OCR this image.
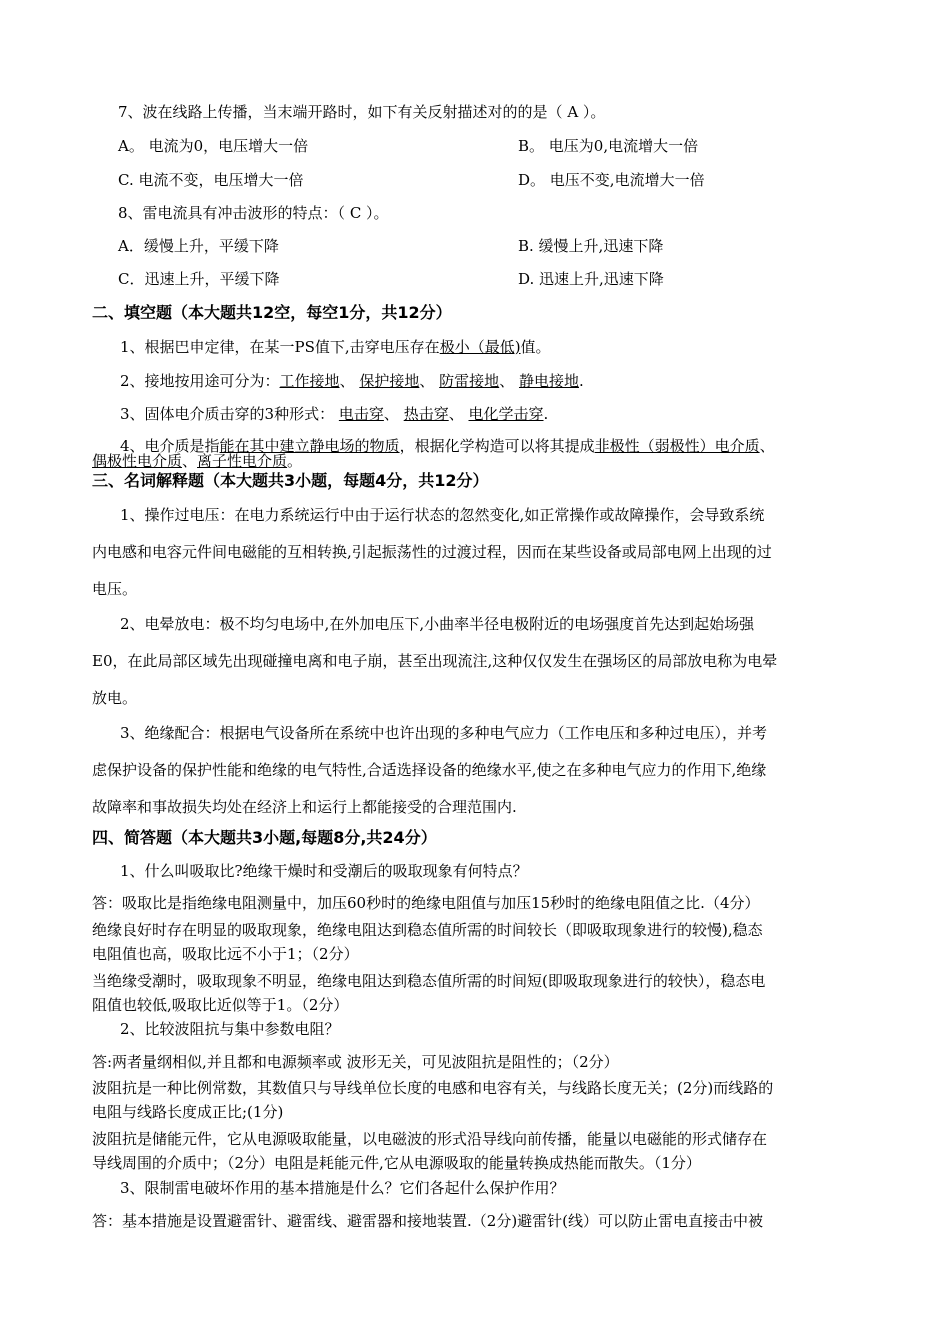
7、波在线路上传播，当末端开路时，如下有关反射描述对的的是（ A ）。
A。 电流为0，电压增大一倍	B。 电压为0,电流增大一倍
C. 电流不变，电压增大一倍	D。 电压不变,电流增大一倍
8、雷电流具有冲击波形的特点：（ C ）。
A．缓慢上升，平缓下降	B. 缓慢上升,迅速下降
C．迅速上升，平缓下降	D. 迅速上升,迅速下降
二、填空题（本大题共12空，每空1分，共12分）
1、根据巴申定律，在某一PS值下,击穿电压存在极小（最低)值。
2、接地按用途可分为：工作接地、 保护接地、 防雷接地、 静电接地.
3、固体电介质击穿的3种形式： 电击穿、 热击穿、 电化学击穿.
4、电介质是指能在其中建立静电场的物质，根据化学构造可以将其提成非极性（弱极性）电介质、
偶极性电介质、离子性电介质。
三、名词解释题（本大题共3小题，每题4分，共12分）
1、操作过电压：在电力系统运行中由于运行状态的忽然变化,如正常操作或故障操作，会导致系统
内电感和电容元件间电磁能的互相转换,引起振荡性的过渡过程，因而在某些设备或局部电网上出现的过
电压。
2、电晕放电：极不均匀电场中,在外加电压下,小曲率半径电极附近的电场强度首先达到起始场强
E0，在此局部区域先出现碰撞电离和电子崩，甚至出现流注,这种仅仅发生在强场区的局部放电称为电晕
放电。
3、绝缘配合：根据电气设备所在系统中也许出现的多种电气应力（工作电压和多种过电压），并考
虑保护设备的保护性能和绝缘的电气特性,合适选择设备的绝缘水平,使之在多种电气应力的作用下,绝缘
故障率和事故损失均处在经济上和运行上都能接受的合理范围内.
四、简答题（本大题共3小题,每题8分,共24分）
1、什么叫吸取比?绝缘干燥时和受潮后的吸取现象有何特点？
答：吸取比是指绝缘电阻测量中，加压60秒时的绝缘电阻值与加压15秒时的绝缘电阻值之比.（4分）
绝缘良好时存在明显的吸取现象，绝缘电阻达到稳态值所需的时间较长（即吸取现象进行的较慢),稳态
电阻值也高，吸取比远不小于1；（2分）
当绝缘受潮时，吸取现象不明显，绝缘电阻达到稳态值所需的时间短(即吸取现象进行的较快），稳态电
阻值也较低,吸取比近似等于1。（2分）
2、比较波阻抗与集中参数电阻？
答:两者量纲相似,并且都和电源频率或 波形无关，可见波阻抗是阻性的；（2分）
波阻抗是一种比例常数，其数值只与导线单位长度的电感和电容有关，与线路长度无关；(2分)而线路的
电阻与线路长度成正比;(1分)
波阻抗是储能元件，它从电源吸取能量，以电磁波的形式沿导线向前传播，能量以电磁能的形式储存在
导线周围的介质中；（2分）电阻是耗能元件,它从电源吸取的能量转换成热能而散失。（1分）
3、限制雷电破坏作用的基本措施是什么？它们各起什么保护作用？
答：基本措施是设置避雷针、避雷线、避雷器和接地装置.（2分)避雷针(线）可以防止雷电直接击中被
